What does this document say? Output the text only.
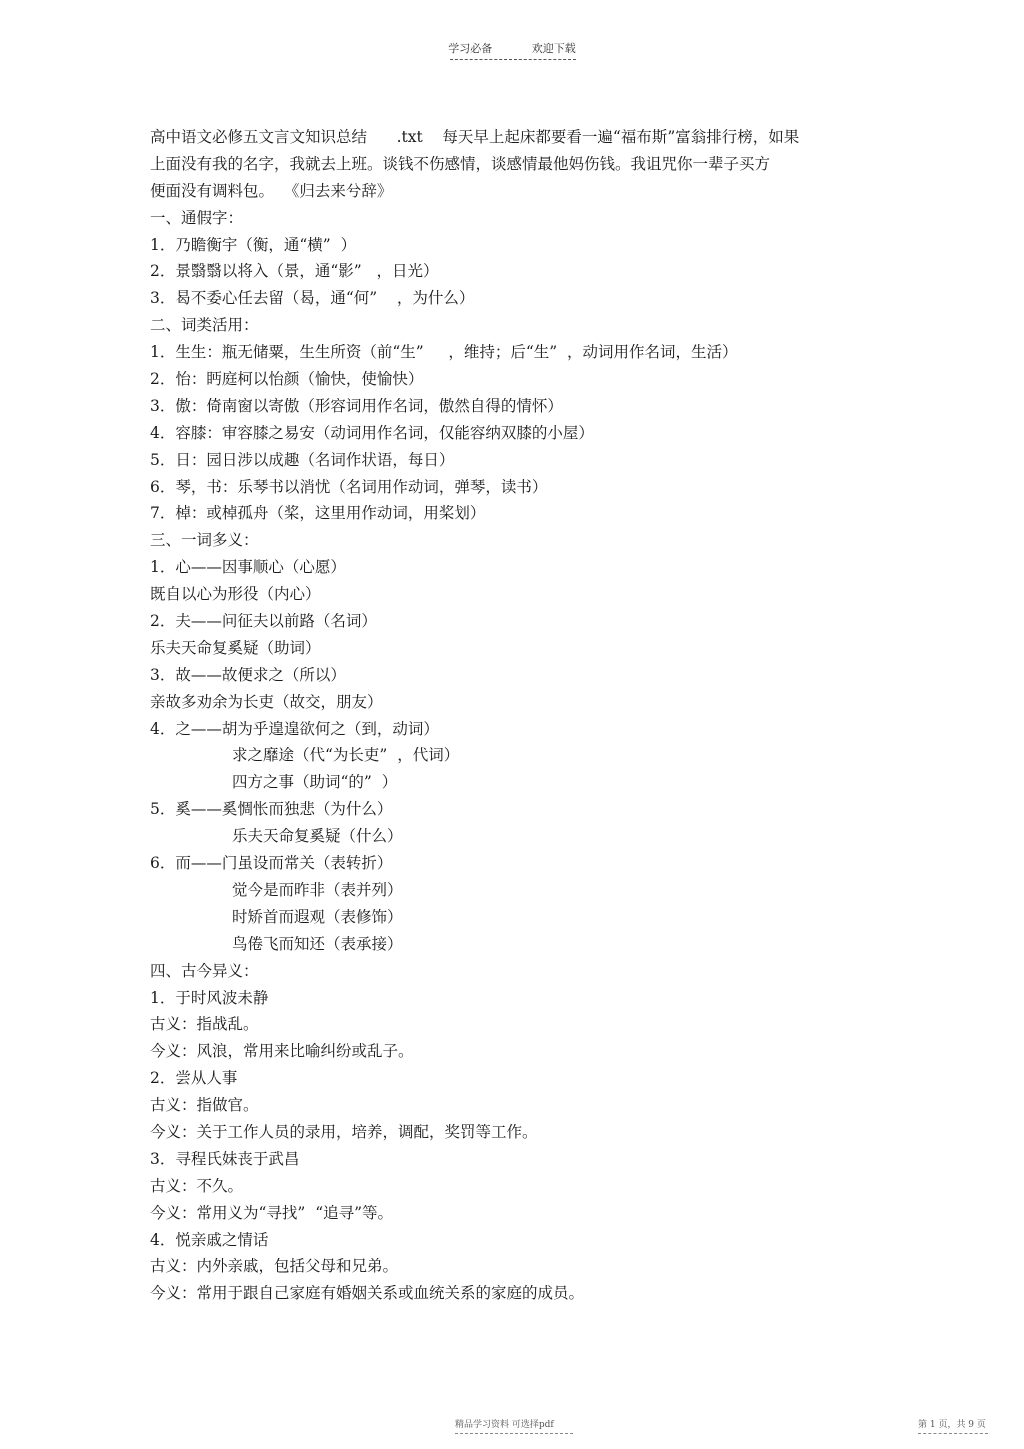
学习必备	欢迎下载
高中语文必修五文言文知识总结      .txt    每天早上起床都要看一遍“福布斯”富翁排行榜，如果
上面没有我的名字，我就去上班。谈钱不伤感情，谈感情最他妈伤钱。我诅咒你一辈子买方
便面没有调料包。  《归去来兮辞》
一、通假字：
1．乃瞻衡宇（衡，通“横”  ）
2．景翳翳以将入（景，通“影”   ，日光）
3．曷不委心任去留（曷，通“何”    ，为什么）
二、词类活用：
1．生生：瓶无储粟，生生所资（前“生”     ，维持；后“生”  ，动词用作名词，生活）
2．怡：眄庭柯以怡颜（愉快，使愉快）
3．傲：倚南窗以寄傲（形容词用作名词，傲然自得的情怀）
4．容膝：审容膝之易安（动词用作名词，仅能容纳双膝的小屋）
5．日：园日涉以成趣（名词作状语，每日）
6．琴，书：乐琴书以消忧（名词用作动词，弹琴，读书）
7．棹：或棹孤舟（桨，这里用作动词，用桨划）
三、一词多义：
1．心——因事顺心（心愿）
既自以心为形役（内心）
2．夫——问征夫以前路（名词）
乐夫天命复奚疑（助词）
3．故——故便求之（所以）
亲故多劝余为长吏（故交，朋友）
4．之——胡为乎遑遑欲何之（到，动词）
求之靡途（代“为长吏”  ，代词）
四方之事（助词“的”  ）
5．奚——奚惆怅而独悲（为什么）
乐夫天命复奚疑（什么）
6．而——门虽设而常关（表转折）
觉今是而昨非（表并列）
时矫首而遐观（表修饰）
鸟倦飞而知还（表承接）
四、古今异义：
1．于时风波未静
古义：指战乱。
今义：风浪，常用来比喻纠纷或乱子。
2．尝从人事
古义：指做官。
今义：关于工作人员的录用，培养，调配，奖罚等工作。
3．寻程氏妹丧于武昌
古义：不久。
今义：常用义为“寻找”  “追寻”等。
4．悦亲戚之情话
古义：内外亲戚，包括父母和兄弟。
今义：常用于跟自己家庭有婚姻关系或血统关系的家庭的成员。
精品学习资料 可选择pdf	第 1 页，共 9 页
